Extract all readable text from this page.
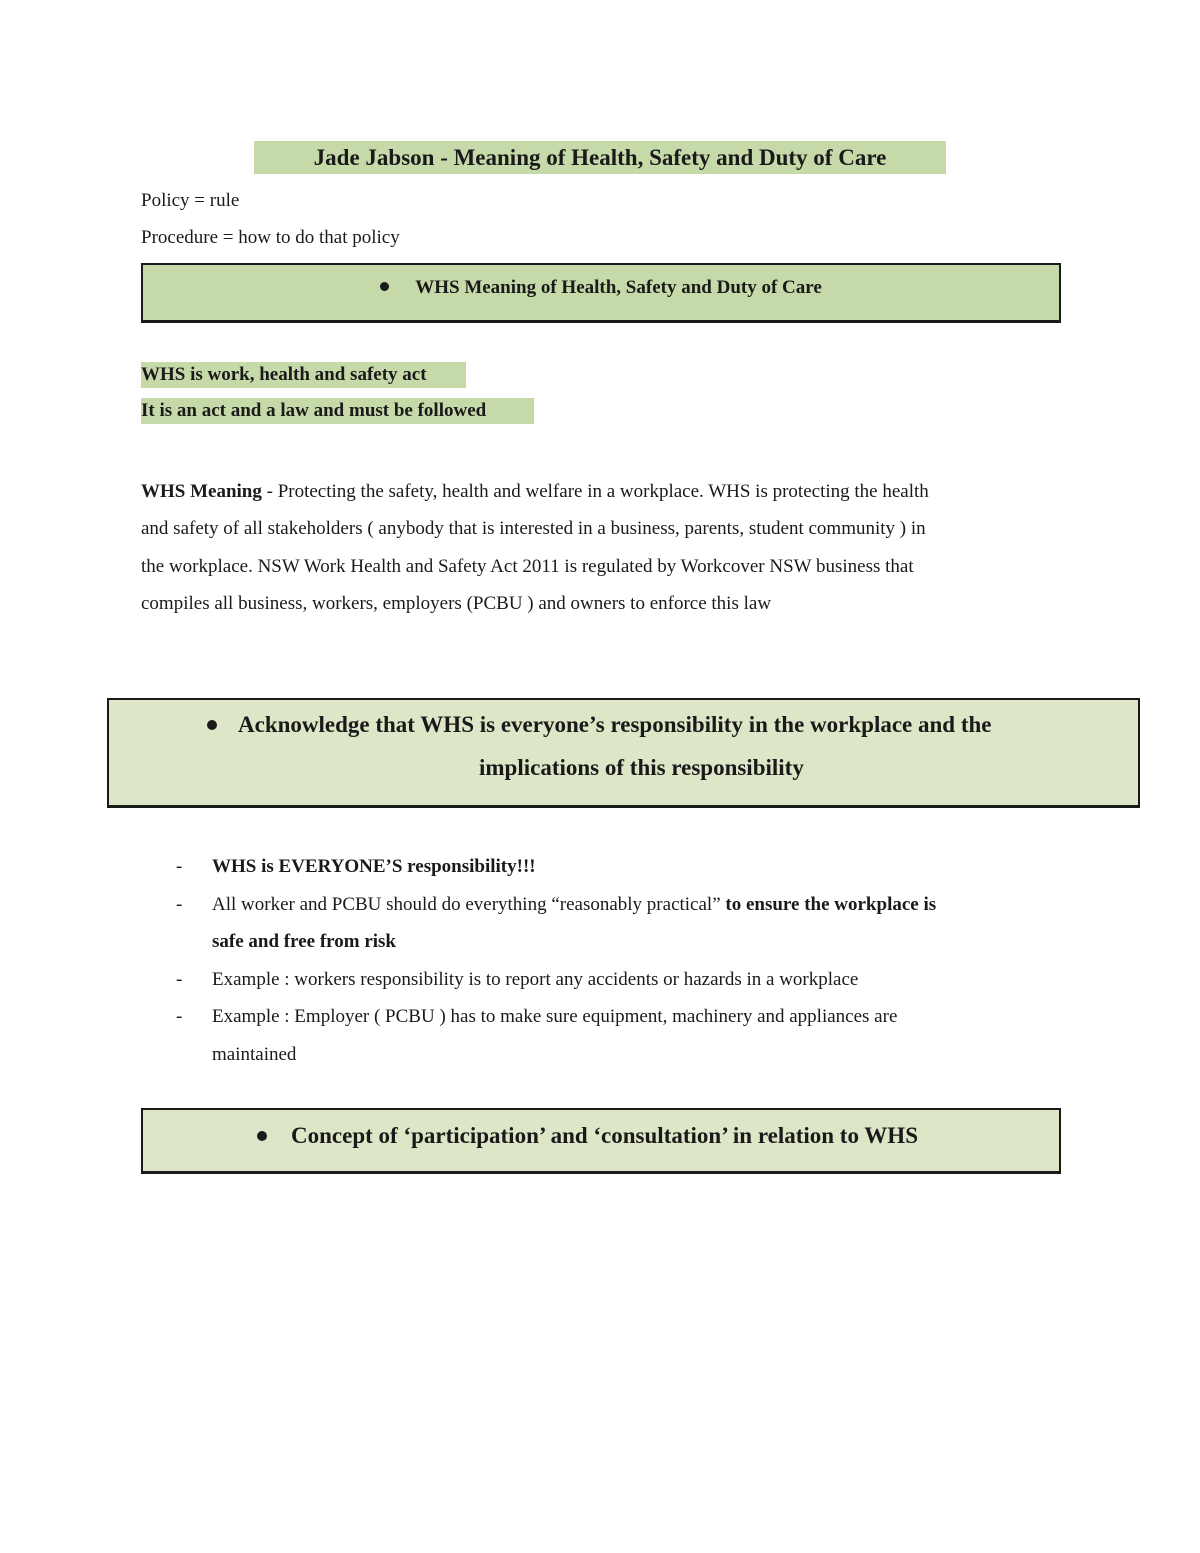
Jade Jabson - Meaning of Health, Safety and Duty of Care
Policy = rule
Procedure = how to do that policy
WHS Meaning of Health, Safety and Duty of Care
WHS is work, health and safety act
It is an act and a law and must be followed
WHS Meaning - Protecting the safety, health and welfare in a workplace. WHS is protecting the health
and safety of all stakeholders ( anybody that is interested in a business, parents, student community ) in
the workplace. NSW Work Health and Safety Act 2011 is regulated by Workcover NSW business that
compiles all business, workers, employers (PCBU ) and owners to enforce this law
Acknowledge that WHS is everyone’s responsibility in the workplace and the
implications of this responsibility
- WHS is EVERYONE’S responsibility!!!
- All worker and PCBU should do everything “reasonably practical” to ensure the workplace is
safe and free from risk
- Example : workers responsibility is to report any accidents or hazards in a workplace
- Example : Employer ( PCBU ) has to make sure equipment, machinery and appliances are
maintained
Concept of ‘participation’ and ‘consultation’ in relation to WHS
